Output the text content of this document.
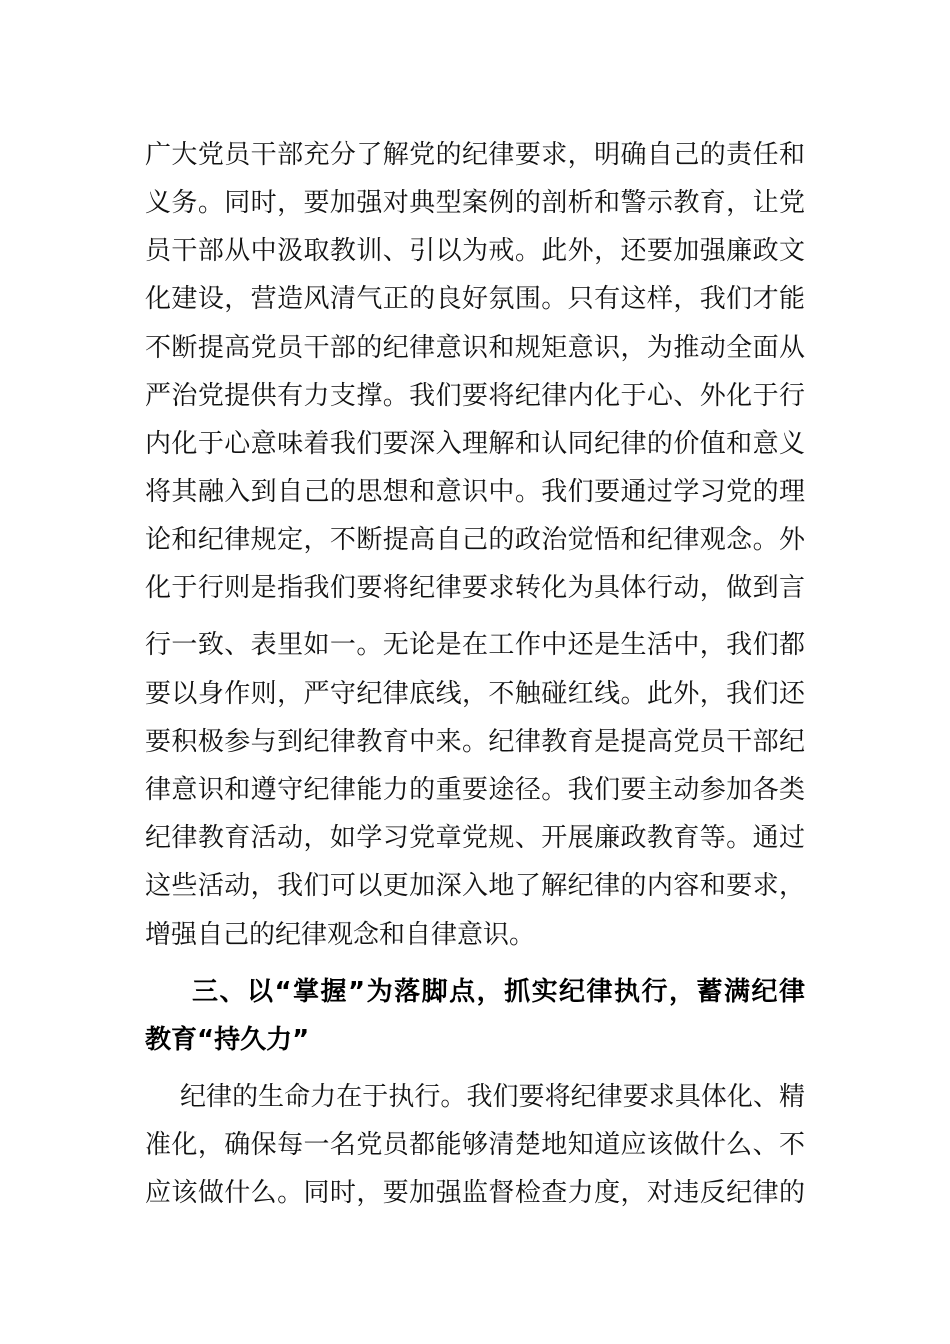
广大党员干部充分了解党的纪律要求，明确自己的责任和
义务。同时，要加强对典型案例的剖析和警示教育，让党
员干部从中汲取教训、引以为戒。此外，还要加强廉政文
化建设，营造风清气正的良好氛围。只有这样，我们才能
不断提高党员干部的纪律意识和规矩意识，为推动全面从
严治党提供有力支撑。我们要将纪律内化于心、外化于行
内化于心意味着我们要深入理解和认同纪律的价值和意义
将其融入到自己的思想和意识中。我们要通过学习党的理
论和纪律规定，不断提高自己的政治觉悟和纪律观念。外
化于行则是指我们要将纪律要求转化为具体行动，做到言
行一致、表里如一。无论是在工作中还是生活中，我们都
要以身作则，严守纪律底线，不触碰红线。此外，我们还
要积极参与到纪律教育中来。纪律教育是提高党员干部纪
律意识和遵守纪律能力的重要途径。我们要主动参加各类
纪律教育活动，如学习党章党规、开展廉政教育等。通过
这些活动，我们可以更加深入地了解纪律的内容和要求，
增强自己的纪律观念和自律意识。
三、以“掌握”为落脚点，抓实纪律执行，蓄满纪律
教育“持久力”
纪律的生命力在于执行。我们要将纪律要求具体化、精
准化，确保每一名党员都能够清楚地知道应该做什么、不
应该做什么。同时，要加强监督检查力度，对违反纪律的
